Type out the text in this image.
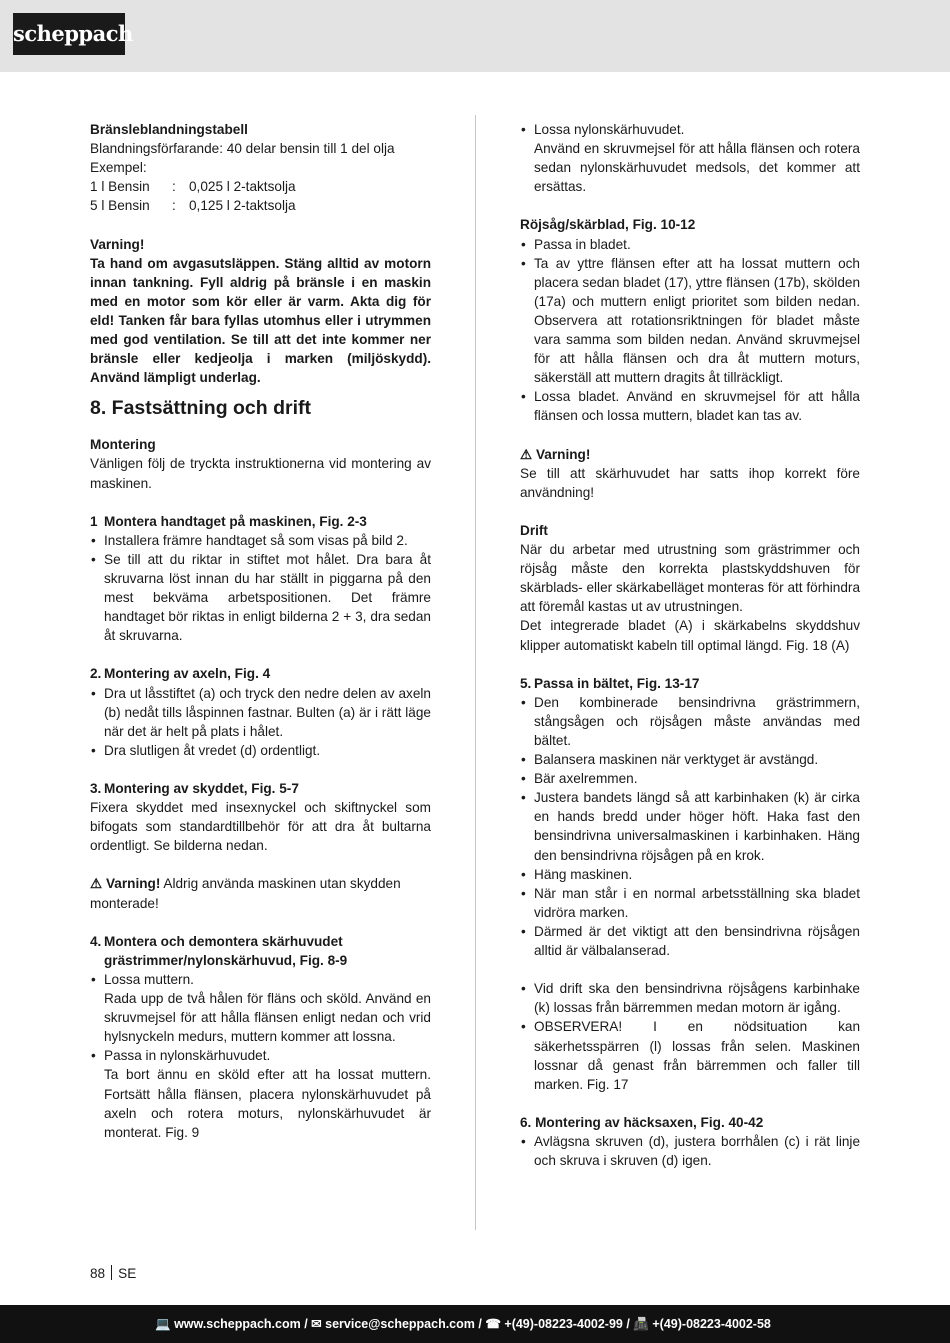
scheppach

Bränsleblandningstabell

Blandningsförfarande: 40 delar bensin till 1 del olja

Exempel:

1 l Bensin	: 0,025 l 2-taktsolja
5 l Bensin	: 0,125 l 2-taktsolja

Varning!

Ta hand om avgasutsläppen. Stäng alltid av motorn innan tankning. Fyll aldrig på bränsle i en maskin med en motor som kör eller är varm. Akta dig för eld! Tanken får bara fyllas utomhus eller i utrymmen med god ventilation. Se till att det inte kommer ner bränsle eller kedjeolja i marken (miljöskydd). Använd lämpligt underlag.

8. Fastsättning och drift

Montering

Vänligen följ de tryckta instruktionerna vid montering av maskinen.

1 Montera handtaget på maskinen, Fig. 2-3
• Installera främre handtaget så som visas på bild 2.
• Se till att du riktar in stiftet mot hålet. Dra bara åt skruvarna löst innan du har ställt in piggarna på den mest bekväma arbetspositionen. Det främre handtaget bör riktas in enligt bilderna 2 + 3, dra sedan åt skruvarna.
2. Montering av axeln, Fig. 4
• Dra ut låsstiftet (a) och tryck den nedre delen av axeln (b) nedåt tills låspinnen fastnar. Bulten (a) är i rätt läge när det är helt på plats i hålet.
• Dra slutligen åt vredet (d) ordentligt.
3. Montering av skyddet, Fig. 5-7

Fixera skyddet med insexnyckel och skiftnyckel som bifogats som standardtillbehör för att dra åt bultarna ordentligt. Se bilderna nedan.

⚠ Varning! Aldrig använda maskinen utan skydden monterade!

4. Montera och demontera skärhuvudet grästrimmer/nylonskärhuvud, Fig. 8-9
• Lossa muttern.
Rada upp de två hålen för fläns och sköld. Använd en skruvmejsel för att hålla flänsen enligt nedan och vrid hylsnyckeln medurs, muttern kommer att lossna.
• Passa in nylonskärhuvudet.
Ta bort ännu en sköld efter att ha lossat muttern. Fortsätt hålla flänsen, placera nylonskärhuvudet på axeln och rotera moturs, nylonskärhuvudet är monterat. Fig. 9
• Lossa nylonskärhuvudet.
Använd en skruvmejsel för att hålla flänsen och rotera sedan nylonskärhuvudet medsols, det kommer att ersättas.

Röjsåg/skärblad, Fig. 10-12

• Passa in bladet.
• Ta av yttre flänsen efter att ha lossat muttern och placera sedan bladet (17), yttre flänsen (17b), skölden (17a) och muttern enligt prioritet som bilden nedan. Observera att rotationsriktningen för bladet måste vara samma som bilden nedan. Använd skruvmejsel för att hålla flänsen och dra åt muttern moturs, säkerställ att muttern dragits åt tillräckligt.
• Lossa bladet. Använd en skruvmejsel för att hålla flänsen och lossa muttern, bladet kan tas av.

⚠ Varning!

Se till att skärhuvudet har satts ihop korrekt före användning!

Drift

När du arbetar med utrustning som grästrimmer och röjsåg måste den korrekta plastskyddshuven för skärblads- eller skärkabelläget monteras för att förhindra att föremål kastas ut av utrustningen.

Det integrerade bladet (A) i skärkabelns skyddshuv klipper automatiskt kabeln till optimal längd. Fig. 18 (A)

5. Passa in bältet, Fig. 13-17
• Den kombinerade bensindrivna grästrimmern, stångsågen och röjsågen måste användas med bältet.
• Balansera maskinen när verktyget är avstängd.
• Bär axelremmen.
• Justera bandets längd så att karbinhaken (k) är cirka en hands bredd under höger höft. Haka fast den bensindrivna universalmaskinen i karbinhaken. Häng den bensindrivna röjsågen på en krok.
• Häng maskinen.
• När man står i en normal arbetsställning ska bladet vidröra marken.
• Därmed är det viktigt att den bensindrivna röjsågen alltid är välbalanserad.
• Vid drift ska den bensindrivna röjsågens karbinhake (k) lossas från bärremmen medan motorn är igång.
• OBSERVERA! I en nödsituation kan säkerhetsspärren (l) lossas från selen. Maskinen lossnar då genast från bärremmen och faller till marken. Fig. 17

6. Montering av häcksaxen, Fig. 40-42

• Avlägsna skruven (d), justera borrhålen (c) i rät linje och skruva i skruven (d) igen.
88 SE
💻 www.scheppach.com / ✉ service@scheppach.com / ☎ +(49)-08223-4002-99 / 📠 +(49)-08223-4002-58
